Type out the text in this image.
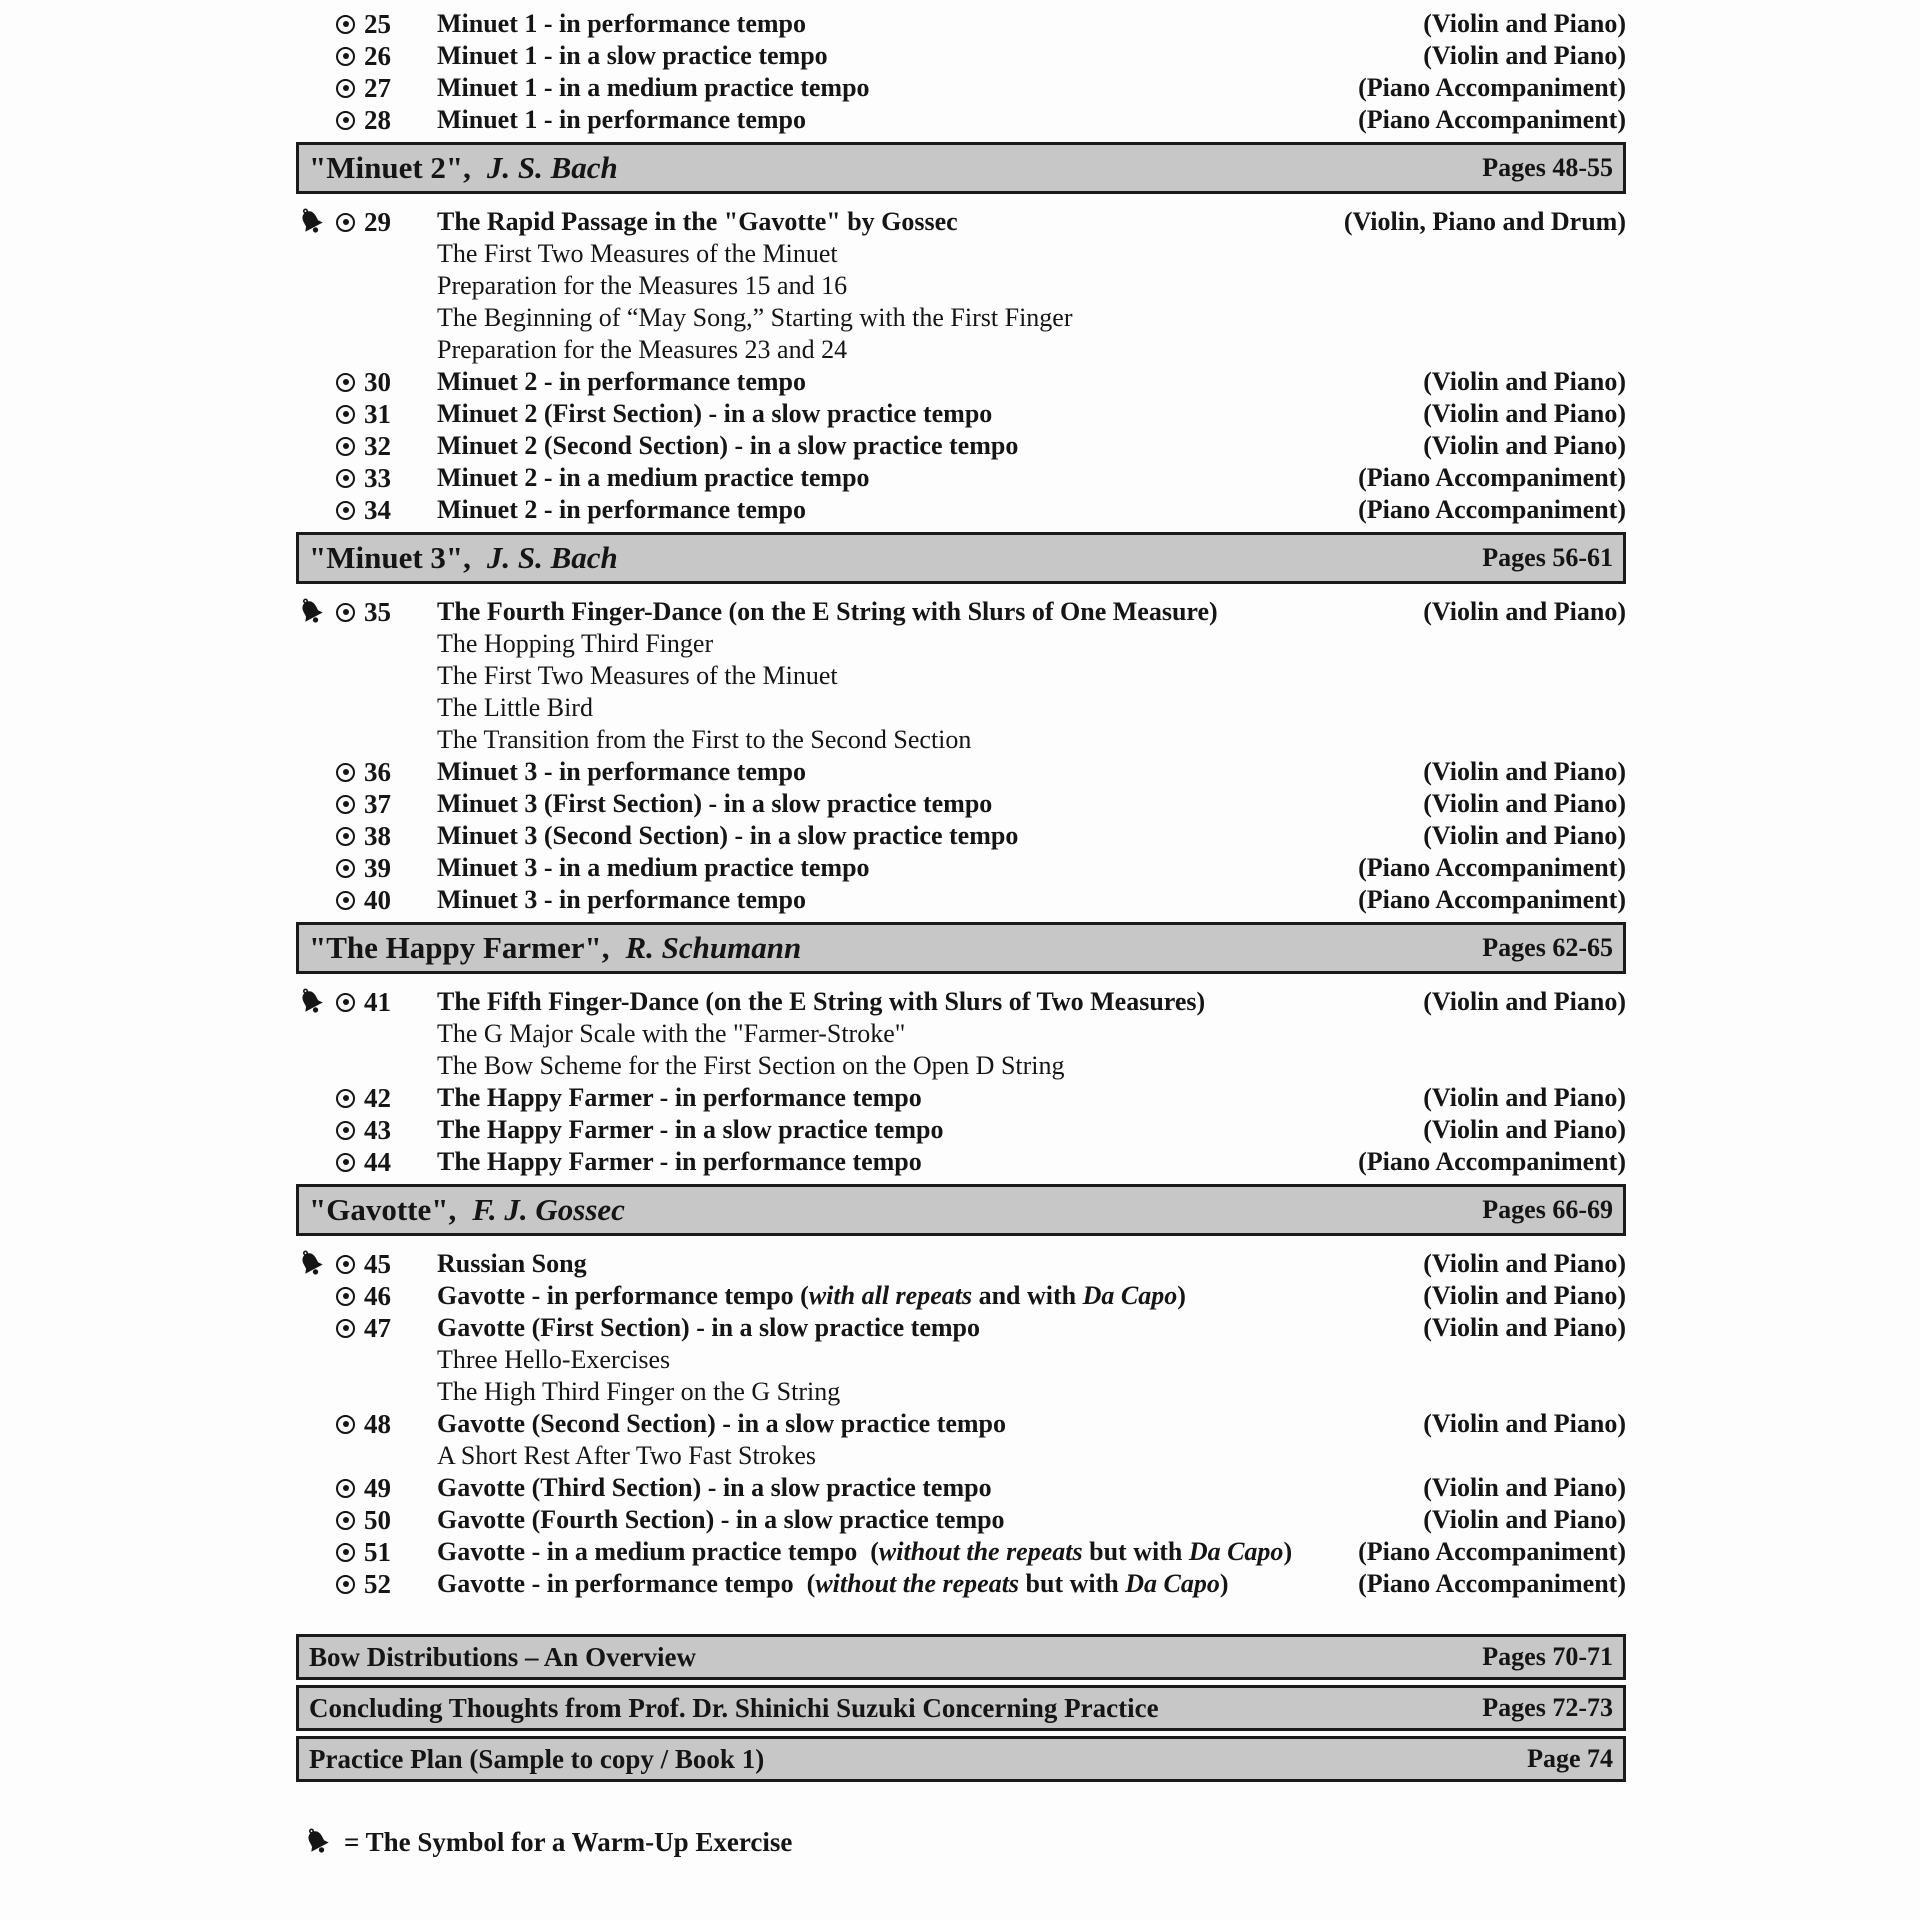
25 Minuet 1 - in performance tempo	(Violin and Piano)
26 Minuet 1 - in a slow practice tempo	(Violin and Piano)
27 Minuet 1 - in a medium practice tempo	(Piano Accompaniment)
28 Minuet 1 - in performance tempo	(Piano Accompaniment)
"Minuet 2", J. S. Bach	Pages 48-55
29 The Rapid Passage in the "Gavotte" by Gossec	(Violin, Piano and Drum)
The First Two Measures of the Minuet
Preparation for the Measures 15 and 16
The Beginning of “May Song,” Starting with the First Finger
Preparation for the Measures 23 and 24
30 Minuet 2 - in performance tempo	(Violin and Piano)
31 Minuet 2 (First Section) - in a slow practice tempo	(Violin and Piano)
32 Minuet 2 (Second Section) - in a slow practice tempo	(Violin and Piano)
33 Minuet 2 - in a medium practice tempo	(Piano Accompaniment)
34 Minuet 2 - in performance tempo	(Piano Accompaniment)
"Minuet 3", J. S. Bach	Pages 56-61
35 The Fourth Finger-Dance (on the E String with Slurs of One Measure)	(Violin and Piano)
The Hopping Third Finger
The First Two Measures of the Minuet
The Little Bird
The Transition from the First to the Second Section
36 Minuet 3 - in performance tempo	(Violin and Piano)
37 Minuet 3 (First Section) - in a slow practice tempo	(Violin and Piano)
38 Minuet 3 (Second Section) - in a slow practice tempo	(Violin and Piano)
39 Minuet 3 - in a medium practice tempo	(Piano Accompaniment)
40 Minuet 3 - in performance tempo	(Piano Accompaniment)
"The Happy Farmer", R. Schumann	Pages 62-65
41 The Fifth Finger-Dance (on the E String with Slurs of Two Measures)	(Violin and Piano)
The G Major Scale with the "Farmer-Stroke"
The Bow Scheme for the First Section on the Open D String
42 The Happy Farmer - in performance tempo	(Violin and Piano)
43 The Happy Farmer - in a slow practice tempo	(Violin and Piano)
44 The Happy Farmer - in performance tempo	(Piano Accompaniment)
"Gavotte", F. J. Gossec	Pages 66-69
45 Russian Song	(Violin and Piano)
46 Gavotte - in performance tempo (with all repeats and with Da Capo)	(Violin and Piano)
47 Gavotte (First Section) - in a slow practice tempo	(Violin and Piano)
Three Hello-Exercises
The High Third Finger on the G String
48 Gavotte (Second Section) - in a slow practice tempo	(Violin and Piano)
A Short Rest After Two Fast Strokes
49 Gavotte (Third Section) - in a slow practice tempo	(Violin and Piano)
50 Gavotte (Fourth Section) - in a slow practice tempo	(Violin and Piano)
51 Gavotte - in a medium practice tempo  (without the repeats but with Da Capo)	(Piano Accompaniment)
52 Gavotte - in performance tempo  (without the repeats but with Da Capo)	(Piano Accompaniment)
Bow Distributions – An Overview	Pages 70-71
Concluding Thoughts from Prof. Dr. Shinichi Suzuki Concerning Practice	Pages 72-73
Practice Plan (Sample to copy / Book 1)	Page 74
= The Symbol for a Warm-Up Exercise
